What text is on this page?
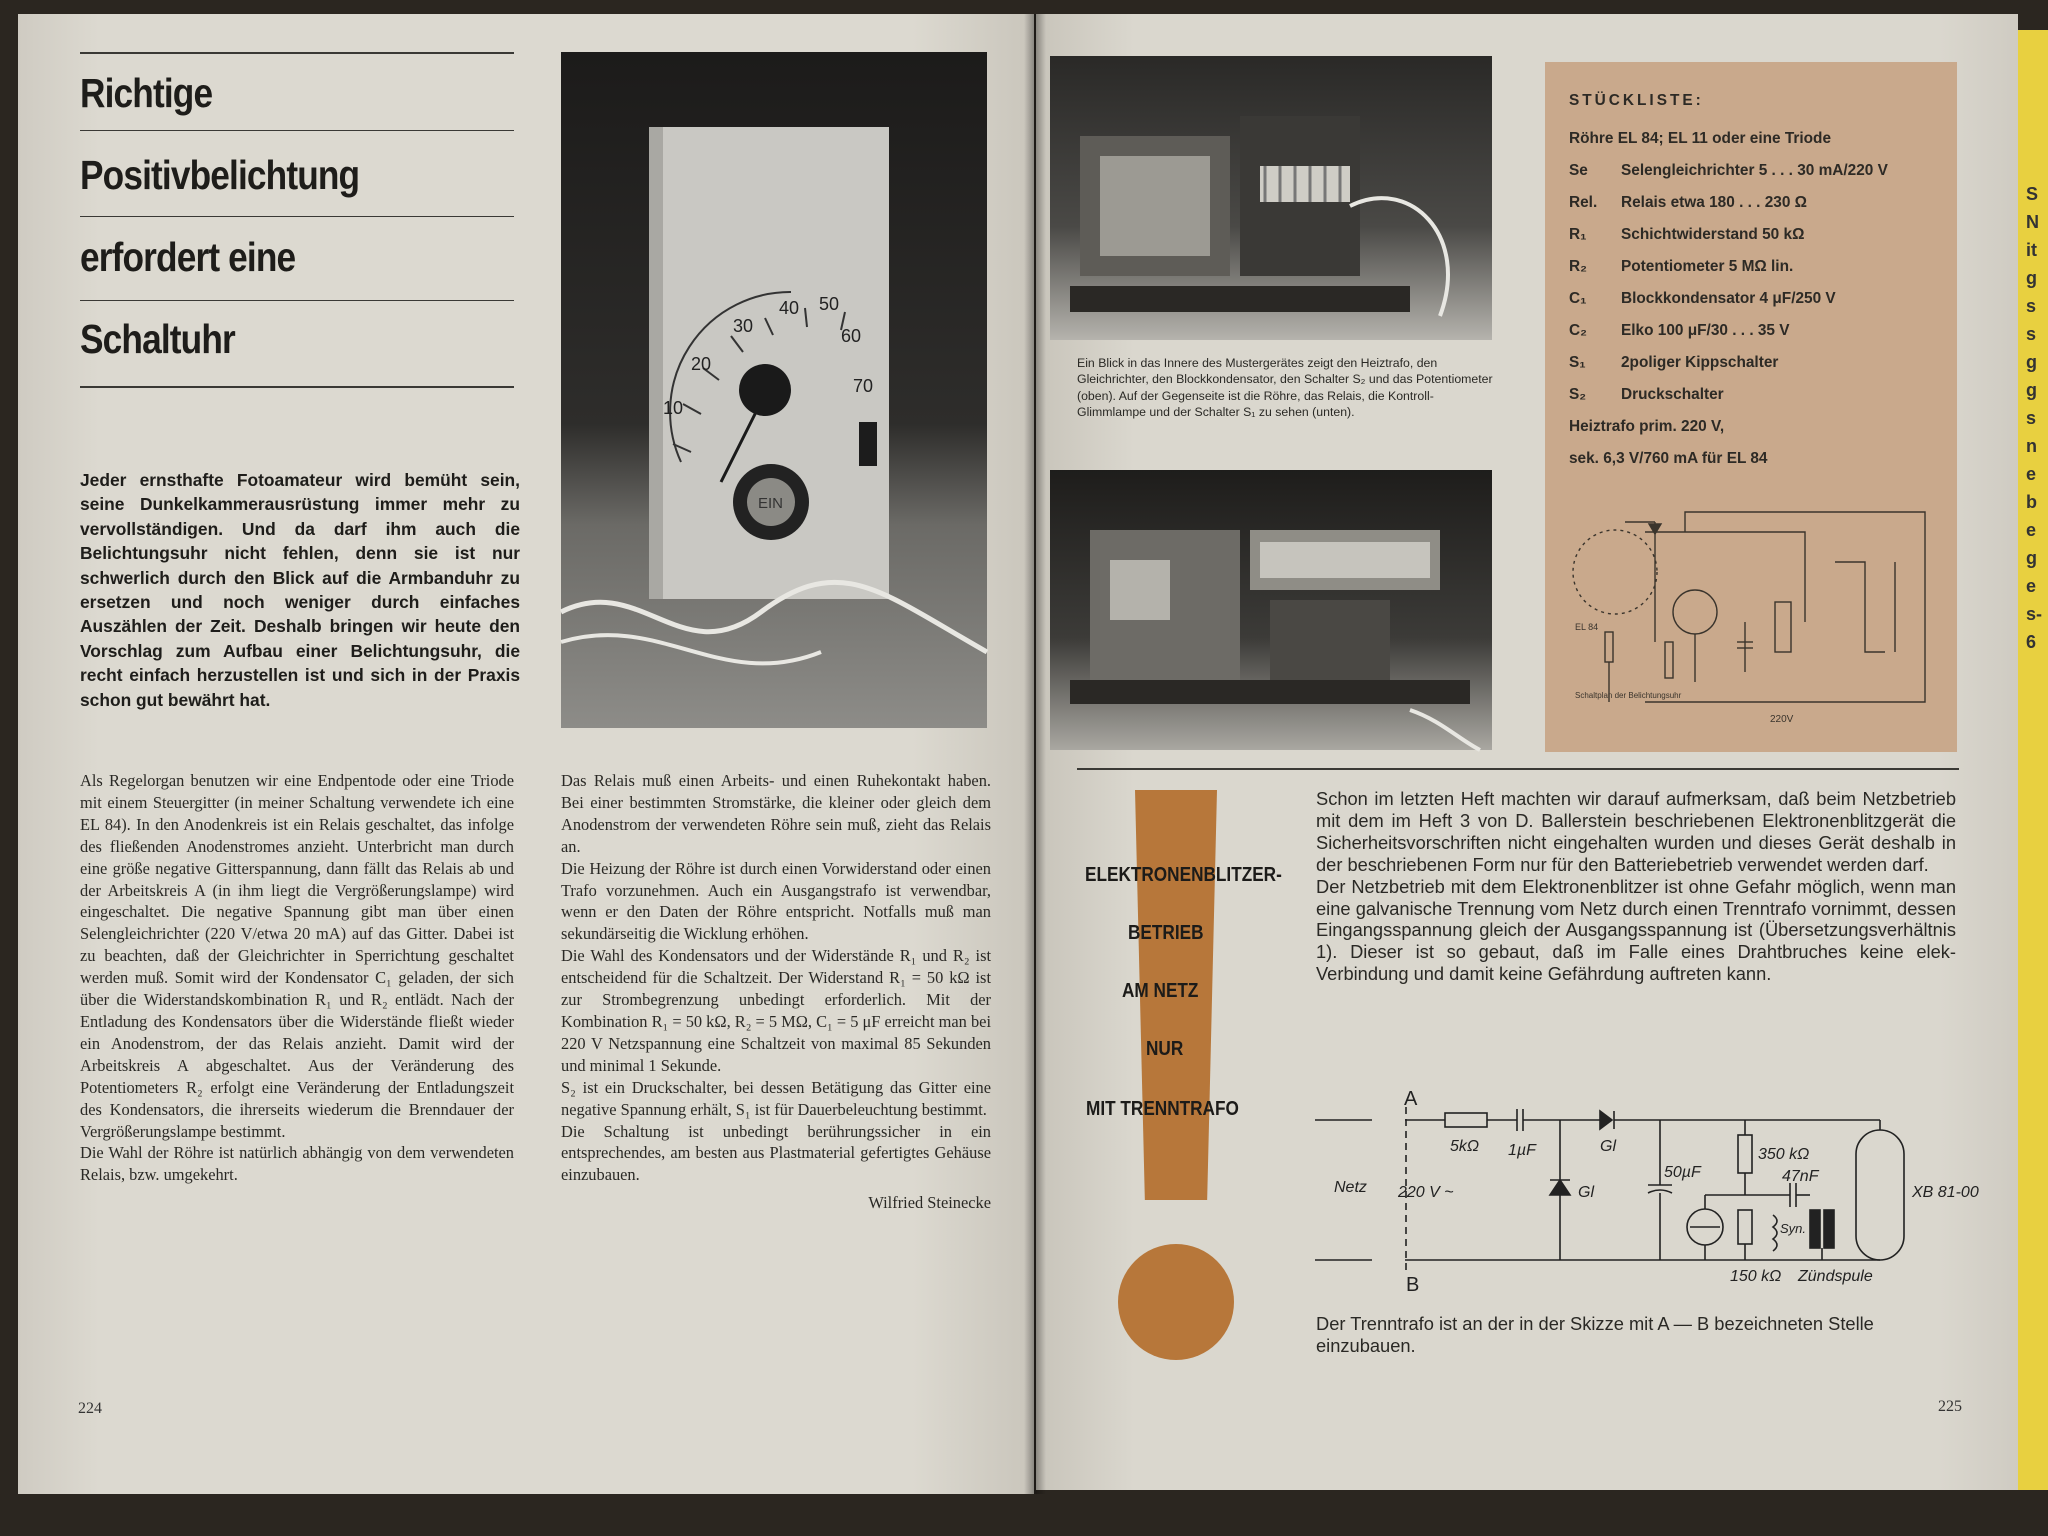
Richtige
Positivbelichtung
erfordert eine
Schaltuhr
Jeder ernsthafte Fotoamateur wird bemüht sein, seine Dunkelkammerausrüstung immer mehr zu vervollständigen. Und da darf ihm auch die Belichtungsuhr nicht fehlen, denn sie ist nur schwerlich durch den Blick auf die Armbanduhr zu ersetzen und noch weniger durch einfaches Auszählen der Zeit. Deshalb bringen wir heute den Vorschlag zum Aufbau einer Belichtungsuhr, die recht einfach herzustellen ist und sich in der Praxis schon gut bewährt hat.
10
20
30
40 50
60
70
EIN

Als Regelorgan benutzen wir eine Endpentode oder eine Triode mit einem Steuergitter (in meiner Schaltung verwendete ich eine EL 84). In den Anodenkreis ist ein Relais geschaltet, das infolge des fließenden Anodenstromes anzieht. Unterbricht man durch eine größe negative Gitterspannung, dann fällt das Relais ab und der Arbeitskreis A (in ihm liegt die Vergrößerungslampe) wird eingeschaltet. Die negative Spannung gibt man über einen Selengleichrichter (220 V/etwa 20 mA) auf das Gitter. Dabei ist zu beachten, daß der Gleichrichter in Sperrichtung geschaltet werden muß. Somit wird der Kondensator C₁ geladen, der sich über die Widerstandskombination R₁ und R₂ entlädt. Nach der Entladung des Kondensators über die Widerstände fließt wieder ein Anodenstrom, der das Relais anzieht. Damit wird der Arbeitskreis A abgeschaltet. Aus der Veränderung des Potentiometers R₂ erfolgt eine Veränderung der Entladungszeit des Kondensators, die ihrerseits wiederum die Brenndauer der Vergrößerungslampe bestimmt.

Die Wahl der Röhre ist natürlich abhängig von dem verwendeten Relais, bzw. umgekehrt.

Das Relais muß einen Arbeits- und einen Ruhekontakt haben. Bei einer bestimmten Stromstärke, die kleiner oder gleich dem Anodenstrom der verwendeten Röhre sein muß, zieht das Relais an.

Die Heizung der Röhre ist durch einen Vorwiderstand oder einen Trafo vorzunehmen. Auch ein Ausgangstrafo ist verwendbar, wenn er den Daten der Röhre entspricht. Notfalls muß man sekundärseitig die Wicklung erhöhen.

Die Wahl des Kondensators und der Widerstände R₁ und R₂ ist entscheidend für die Schaltzeit. Der Widerstand R₁ = 50 kΩ ist zur Strombegrenzung unbedingt erforderlich. Mit der Kombination R₁ = 50 kΩ, R₂ = 5 MΩ, C₁ = 5 μF erreicht man bei 220 V Netzspannung eine Schaltzeit von maximal 85 Sekunden und minimal 1 Sekunde.

S₂ ist ein Druckschalter, bei dessen Betätigung das Gitter eine negative Spannung erhält, S₁ ist für Dauerbeleuchtung bestimmt.

Die Schaltung ist unbedingt berührungssicher in ein entsprechendes, am besten aus Plastmaterial gefertigtes Gehäuse einzubauen.

Wilfried Steinecke

224
Ein Blick in das Innere des Mustergerätes zeigt den Heiztrafo, den Gleichrichter, den Blockkondensator, den Schalter S₂ und das Potentiometer (oben). Auf der Gegenseite ist die Röhre, das Relais, die Kontroll-Glimmlampe und der Schalter S₁ zu sehen (unten).
STÜCKLISTE:
Röhre EL 84; EL 11 oder eine Triode
Se Selengleichrichter 5 . . . 30 mA/220 V
Rel. Relais etwa 180 . . . 230 Ω
R₁ Schichtwiderstand 50 kΩ
R₂ Potentiometer 5 MΩ lin.
C₁ Blockkondensator 4 μF/250 V
C₂ Elko 100 μF/30 . . . 35 V
S₁ 2poliger Kippschalter
S₂ Druckschalter
Heiztrafo prim. 220 V,
sek. 6,3 V/760 mA für EL 84
EL 84
Schaltplan der Belichtungsuhr
220V
ELEKTRONENBLITZER-
BETRIEB
AM NETZ
NUR
MIT TRENNTRAFO

Schon im letzten Heft machten wir darauf aufmerksam, daß beim Netzbetrieb mit dem im Heft 3 von D. Ballerstein beschriebenen Elektronenblitzgerät die Sicherheitsvorschriften nicht eingehalten wurden und dieses Gerät deshalb in der beschriebenen Form nur für den Batteriebetrieb verwendet werden darf.

Der Netzbetrieb mit dem Elektronenblitzer ist ohne Gefahr möglich, wenn man eine galvanische Trennung vom Netz durch einen Trenntrafo vornimmt, dessen Eingangsspannung gleich der Ausgangsspannung ist (Übersetzungsverhältnis 1). Dieser ist so gebaut, daß im Falle eines Drahtbruches keine elek-Verbindung und damit keine Gefährdung auftreten kann.

A
B
Netz 220 V ~
5kΩ 1µF	Gl
Gl
50µF
350 kΩ
47nF
150 kΩ
Syn.
Zündspule
XB 81-00
Der Trenntrafo ist an der in der Skizze mit A — B bezeichneten Stelle einzubauen.
225
S
N
it
g
s
s
g
g
s
n
e
b
e
g
e
s-
6
